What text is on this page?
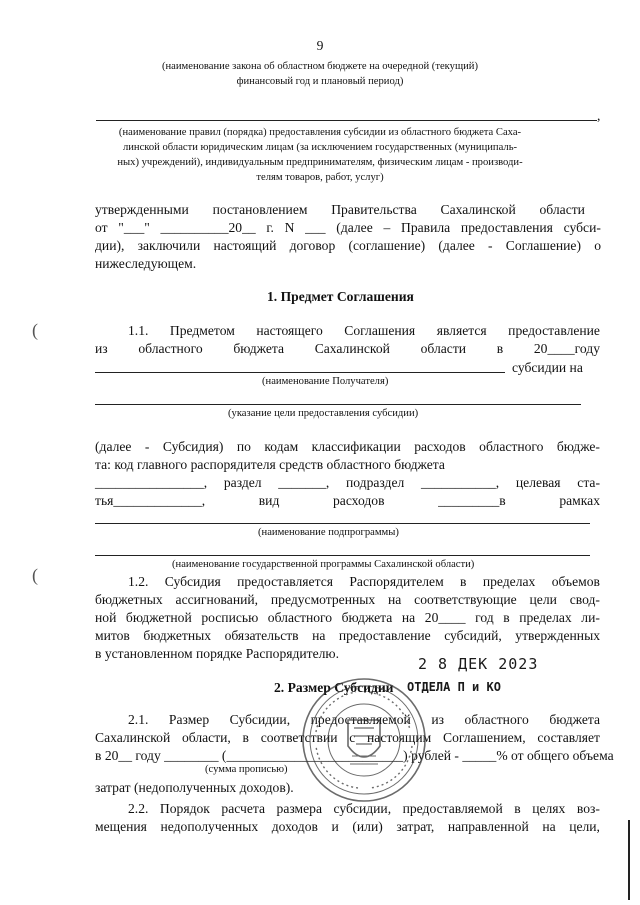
9
(наименование закона об областном бюджете на очередной (текущий)
финансовый год и плановый период)
,
(наименование правил (порядка) предоставления субсидии из областного бюджета Саха-
линской области юридическим лицам (за исключением государственных (муниципаль-
ных) учреждений), индивидуальным предпринимателям, физическим лицам - производи-
телям товаров, работ, услуг)
утвержденными постановлением Правительства Сахалинской области
от "___" __________20__ г. N ___ (далее – Правила предоставления субси-
дии), заключили настоящий договор (соглашение) (далее - Соглашение) о
нижеследующем.
1. Предмет Соглашения
(	1.1. Предметом настоящего Соглашения является предоставление
из областного бюджета Сахалинской области в 20____году
субсидии на
(наименование Получателя)
(указание цели предоставления субсидии)
(далее - Субсидия) по кодам классификации расходов областного бюдже-
та: код главного распорядителя средств областного бюджета
________________, раздел _______, подраздел ___________, целевая ста-
тья_____________,	вид	расходов	_________в	рамках
(наименование подпрограммы)
(наименование государственной программы Сахалинской области)
(	1.2. Субсидия предоставляется Распорядителем в пределах объемов
бюджетных ассигнований, предусмотренных на соответствующие цели свод-
ной бюджетной росписью областного бюджета на 20____ год в пределах ли-
митов бюджетных обязательств на предоставление субсидий, утвержденных
в установленном порядке Распорядителю.
2. Размер Субсидии
2.1. Размер Субсидии, предоставляемой из областного бюджета
Сахалинской области, в соответствии с настоящим Соглашением, составляет
в 20__ году ________ (__________________________) рублей - _____% от общего объема
(сумма прописью)
затрат (недополученных доходов).
2.2. Порядок расчета размера субсидии, предоставляемой в целях воз-
мещения недополученных доходов и (или) затрат, направленной на цели,
2 8 ДЕК 2023
ОТДЕЛА П и КО
